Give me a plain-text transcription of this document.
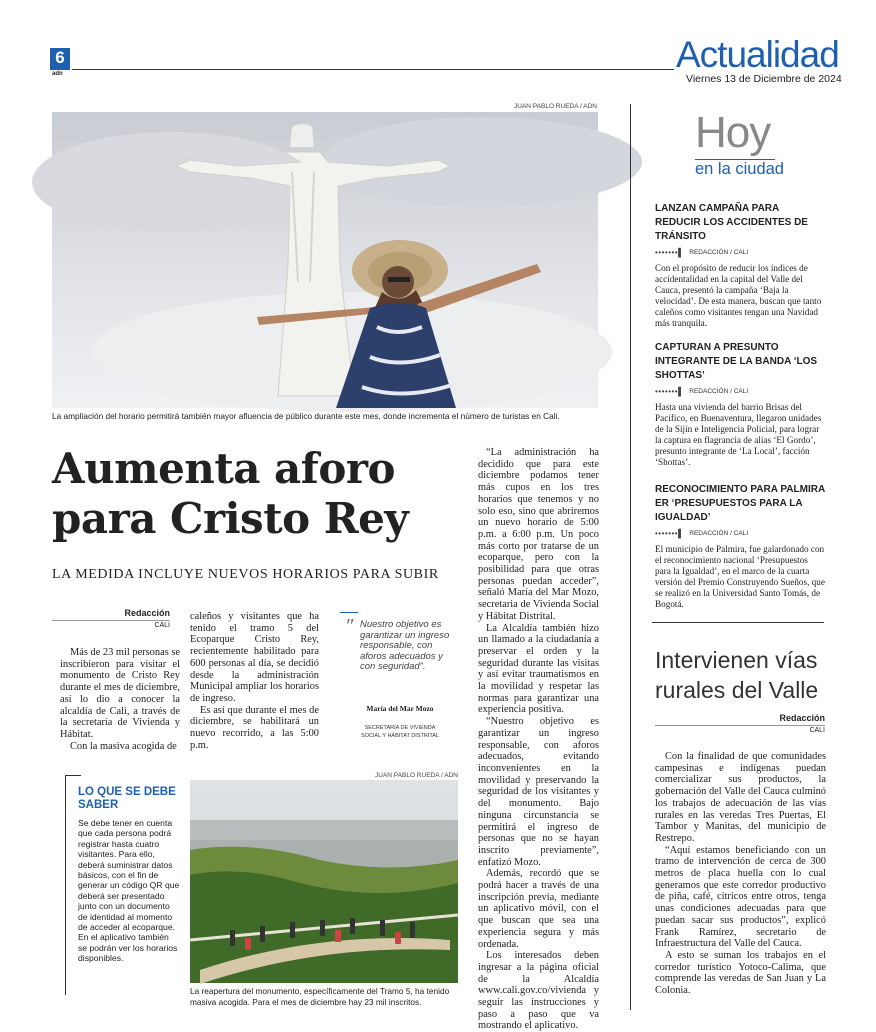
6
adn	Actualidad
Viernes 13 de Diciembre de 2024
JUAN PABLO RUEDA / ADN
La ampliación del horario permitirá también mayor afluencia de público durante este mes, donde incrementa el número de turistas en Cali.
Aumenta aforo para Cristo Rey
LA MEDIDA INCLUYE NUEVOS HORARIOS PARA SUBIR
Redacción
CALI

Más de 23 mil personas se inscribieron para visitar el monumento de Cristo Rey durante el mes de diciembre, así lo dio a conocer la alcaldía de Cali, a través de la secretaría de Vivienda y Hábitat.

Con la masiva acogida de

caleños y visitantes que ha tenido el tramo 5 del Ecoparque Cristo Rey, recientemente habilitado para 600 personas al día, se decidió desde la administración Municipal ampliar los horarios de ingreso.

Es así que durante el mes de diciembre, se habilitará un nuevo recorrido, a las 5:00 p.m.

″ Nuestro objetivo es garantizar un ingreso responsable, con aforos adecuados y con seguridad”.
María del Mar Mozo
SECRETARIA DE VIVIENDA SOCIAL Y HÁBITAT DISTRITAL

“La administración ha decidido que para este diciembre podamos tener más cupos en los tres horarios que tenemos y no solo eso, sino que abriremos un nuevo horario de 5:00 p.m. a 6:00 p.m. Un poco más corto por tratarse de un ecoparque, pero con la posibilidad para que otras personas puedan acceder”, señaló María del Mar Mozo, secretaria de Vivienda Social y Hábitat Distrital.

La Alcaldía también hizo un llamado a la ciudadanía a preservar el orden y la seguridad durante las visitas y así evitar traumatismos en la movilidad y respetar las normas para garantizar una experiencia positiva.

“Nuestro objetivo es garantizar un ingreso responsable, con aforos adecuados, evitando inconvenientes en la movilidad y preservando la seguridad de los visitantes y del monumento. Bajo ninguna circunstancia se permitirá el ingreso de personas que no se hayan inscrito previamente”, enfatizó Mozo.

Además, recordó que se podrá hacer a través de una inscripción previa, mediante un aplicativo móvil, con el que buscan que sea una experiencia segura y más ordenada.

Los interesados deben ingresar a la página oficial de la Alcaldía www.cali.gov.co/vivienda y seguir las instrucciones y paso a paso que va mostrando el aplicativo.

LO QUE SE DEBE SABER
Se debe tener en cuenta que cada persona podrá registrar hasta cuatro visitantes. Para ello, deberá suministrar datos básicos, con el fin de generar un código QR que deberá ser presentado junto con un documento de identidad al momento de acceder al ecoparque. En el aplicativo también se podrán ver los horarios disponibles.
JUAN PABLO RUEDA / ADN
La reapertura del monumento, específicamente del Tramo 5, ha tenido masiva acogida. Para el mes de diciembre hay 23 mil inscritos.
Hoy
en la ciudad
LANZAN CAMPAÑA PARA REDUCIR LOS ACCIDENTES DE TRÁNSITO
•••••••▌ REDACCIÓN / CALI
Con el propósito de reducir los índices de accidentalidad en la capital del Valle del Cauca, presentó la campaña ‘Baja la velocidad’. De esta manera, buscan que tanto caleños como visitantes tengan una Navidad más tranquila.
CAPTURAN A PRESUNTO INTEGRANTE DE LA BANDA ‘LOS SHOTTAS’
•••••••▌ REDACCIÓN / CALI
Hasta una vivienda del barrio Brisas del Pacífico, en Buenaventura, llegaron unidades de la Sijín e Inteligencia Policial, para lograr la captura en flagrancia de alias ‘El Gordo’, presunto integrante de ‘La Local’, facción ‘Shottas’.
RECONOCIMIENTO PARA PALMIRA ER ‘PRESUPUESTOS PARA LA IGUALDAD’
•••••••▌ REDACCIÓN / CALI
El municipio de Palmira, fue galardonado con el reconocimiento nacional ‘Presupuestos para la Igualdad’, en el marco de la cuarta versión del Premio Construyendo Sueños, que se realizó en la Universidad Santo Tomás, de Bogotá.
Intervienen vías rurales del Valle
Redacción
CALI

Con la finalidad de que comunidades campesinas e indígenas puedan comercializar sus productos, la gobernación del Valle del Cauca culminó los trabajos de adecuación de las vías rurales en las veredas Tres Puertas, El Tambor y Manitas, del municipio de Restrepo.

“Aquí estamos beneficiando con un tramo de intervención de cerca de 300 metros de placa huella con lo cual generamos que este corredor productivo de piña, café, cítricos entre otros, tenga unas condiciones adecuadas para que puedan sacar sus productos”, explicó Frank Ramírez, secretario de Infraestructura del Valle del Cauca.

A esto se suman los trabajos en el corredor turístico Yotoco-Calima, que comprende las veredas de San Juan y La Colonia.
